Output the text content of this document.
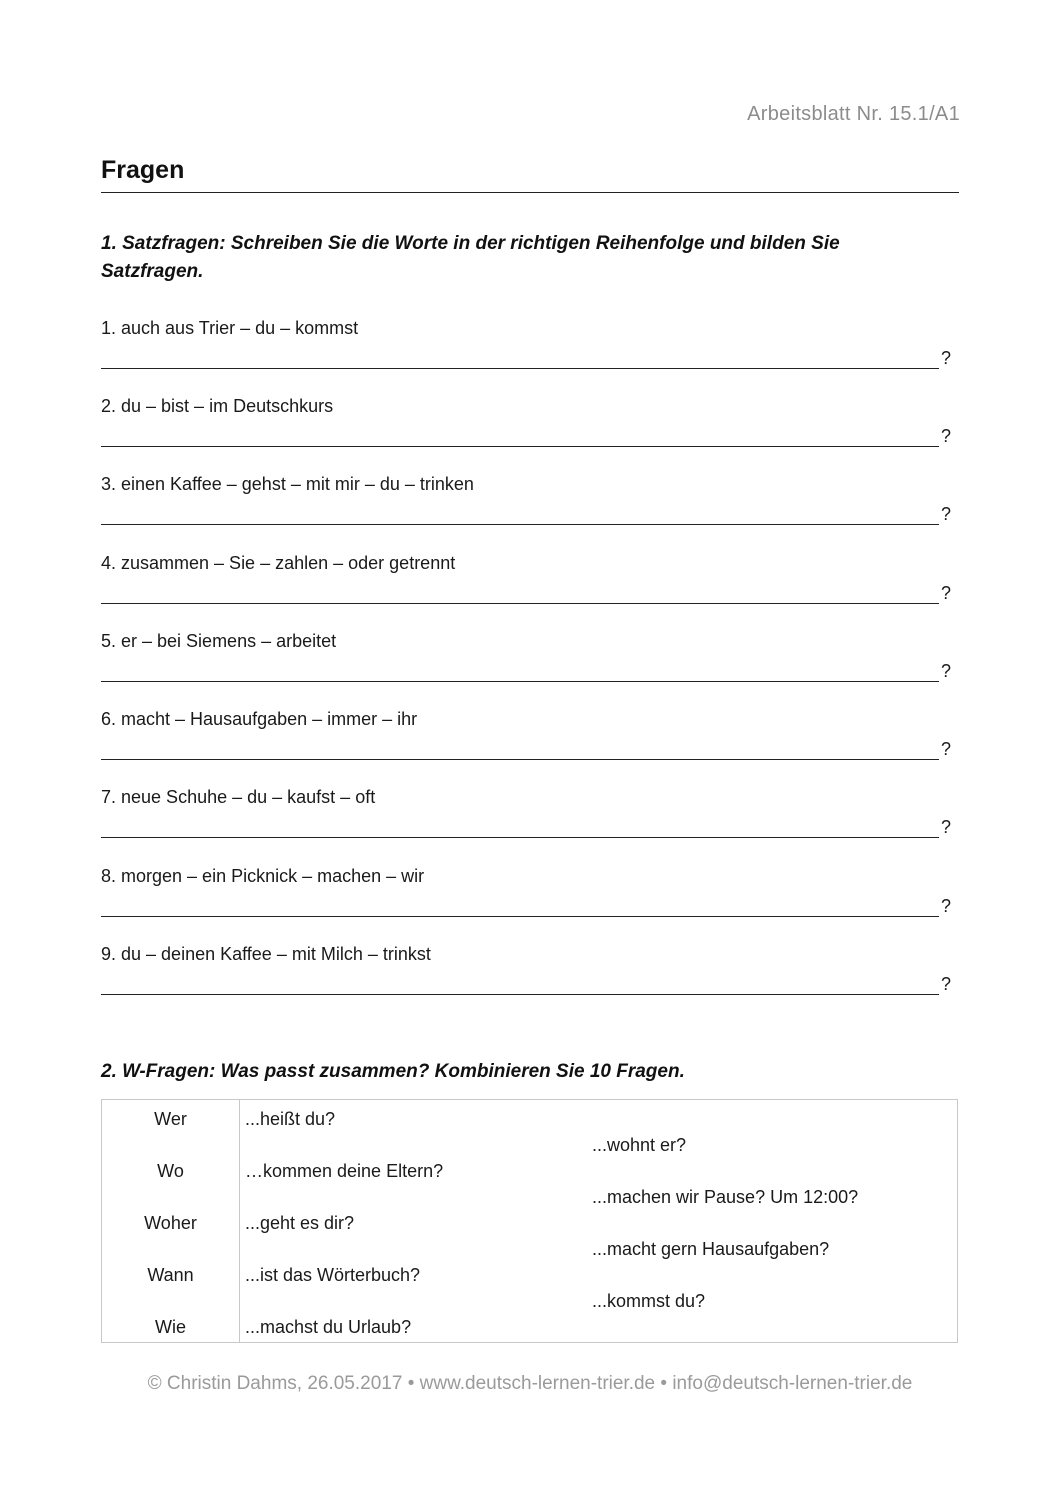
Arbeitsblatt Nr. 15.1/A1
Fragen
1. Satzfragen: Schreiben Sie die Worte in der richtigen Reihenfolge und bilden Sie Satzfragen.
1. auch aus Trier – du – kommst
?
2. du – bist – im Deutschkurs
?
3. einen Kaffee – gehst – mit mir – du – trinken
?
4. zusammen – Sie – zahlen – oder getrennt
?
5. er – bei Siemens – arbeitet
?
6. macht – Hausaufgaben – immer – ihr
?
7. neue Schuhe – du – kaufst – oft
?
8. morgen – ein Picknick – machen – wir
?
9. du – deinen Kaffee – mit Milch – trinkst
?
2. W-Fragen: Was passt zusammen? Kombinieren Sie 10 Fragen.
Wer
Wo
Woher
Wann
Wie
...heißt du?
…kommen deine Eltern?
...geht es dir?
...ist das Wörterbuch?
...machst du Urlaub?
...wohnt er?
...machen wir Pause? Um 12:00?
...macht gern Hausaufgaben?
...kommst du?
© Christin Dahms, 26.05.2017 • www.deutsch-lernen-trier.de • info@deutsch-lernen-trier.de
